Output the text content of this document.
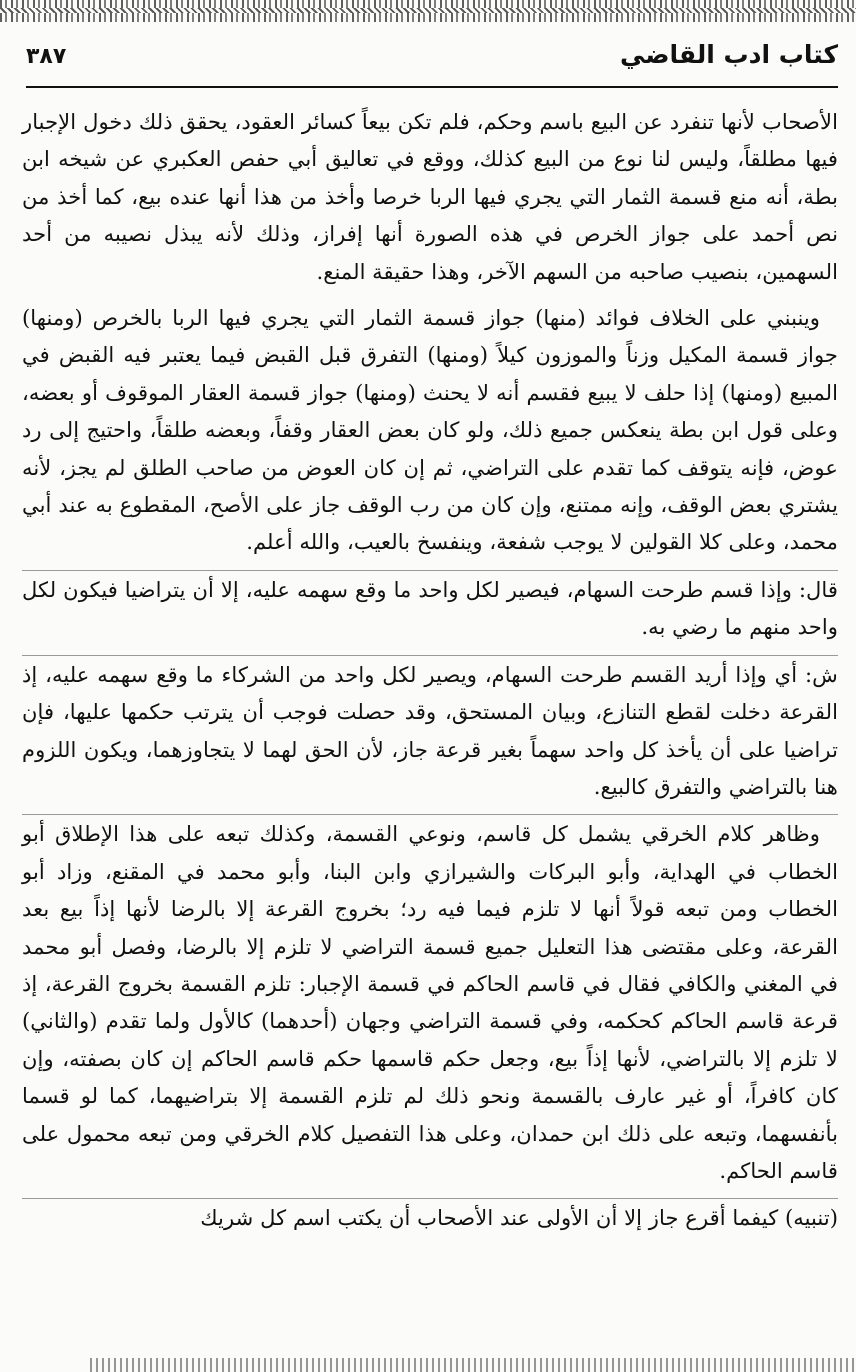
كتاب ادب القاضي
٣٨٧

الأصحاب لأنها تنفرد عن البيع باسم وحكم، فلم تكن بيعاً كسائر العقود، يحقق ذلك دخول الإجبار فيها مطلقاً، وليس لنا نوع من البيع كذلك، ووقع في تعاليق أبي حفص العكبري عن شيخه ابن بطة، أنه منع قسمة الثمار التي يجري فيها الربا خرصا وأخذ من هذا أنها عنده بيع، كما أخذ من نص أحمد على جواز الخرص في هذه الصورة أنها إفراز، وذلك لأنه يبذل نصيبه من أحد السهمين، بنصيب صاحبه من السهم الآخر، وهذا حقيقة المنع.

وينبني على الخلاف فوائد (منها) جواز قسمة الثمار التي يجري فيها الربا بالخرص (ومنها) جواز قسمة المكيل وزناً والموزون كيلاً (ومنها) التفرق قبل القبض فيما يعتبر فيه القبض في المبيع (ومنها) إذا حلف لا يبيع فقسم أنه لا يحنث (ومنها) جواز قسمة العقار الموقوف أو بعضه، وعلى قول ابن بطة ينعكس جميع ذلك، ولو كان بعض العقار وقفاً، وبعضه طلقاً، واحتيج إلى رد عوض، فإنه يتوقف كما تقدم على التراضي، ثم إن كان العوض من صاحب الطلق لم يجز، لأنه يشتري بعض الوقف، وإنه ممتنع، وإن كان من رب الوقف جاز على الأصح، المقطوع به عند أبي محمد، وعلى كلا القولين لا يوجب شفعة، وينفسخ بالعيب، والله أعلم.

قال: وإذا قسم طرحت السهام، فيصير لكل واحد ما وقع سهمه عليه، إلا أن يتراضيا فيكون لكل واحد منهم ما رضي به.

ش: أي وإذا أريد القسم طرحت السهام، ويصير لكل واحد من الشركاء ما وقع سهمه عليه، إذ القرعة دخلت لقطع التنازع، وبيان المستحق، وقد حصلت فوجب أن يترتب حكمها عليها، فإن تراضيا على أن يأخذ كل واحد سهماً بغير قرعة جاز، لأن الحق لهما لا يتجاوزهما، ويكون اللزوم هنا بالتراضي والتفرق كالبيع.

وظاهر كلام الخرقي يشمل كل قاسم، ونوعي القسمة، وكذلك تبعه على هذا الإطلاق أبو الخطاب في الهداية، وأبو البركات والشيرازي وابن البنا، وأبو محمد في المقنع، وزاد أبو الخطاب ومن تبعه قولاً أنها لا تلزم فيما فيه رد؛ بخروج القرعة إلا بالرضا لأنها إذاً بيع بعد القرعة، وعلى مقتضى هذا التعليل جميع قسمة التراضي لا تلزم إلا بالرضا، وفصل أبو محمد في المغني والكافي فقال في قاسم الحاكم في قسمة الإجبار: تلزم القسمة بخروج القرعة، إذ قرعة قاسم الحاكم كحكمه، وفي قسمة التراضي وجهان (أحدهما) كالأول ولما تقدم (والثاني) لا تلزم إلا بالتراضي، لأنها إذاً بيع، وجعل حكم قاسمها حكم قاسم الحاكم إن كان بصفته، وإن كان كافراً، أو غير عارف بالقسمة ونحو ذلك لم تلزم القسمة إلا بتراضيهما، كما لو قسما بأنفسهما، وتبعه على ذلك ابن حمدان، وعلى هذا التفصيل كلام الخرقي ومن تبعه محمول على قاسم الحاكم.

(تنبيه) كيفما أقرع جاز إلا أن الأولى عند الأصحاب أن يكتب اسم كل شريك
